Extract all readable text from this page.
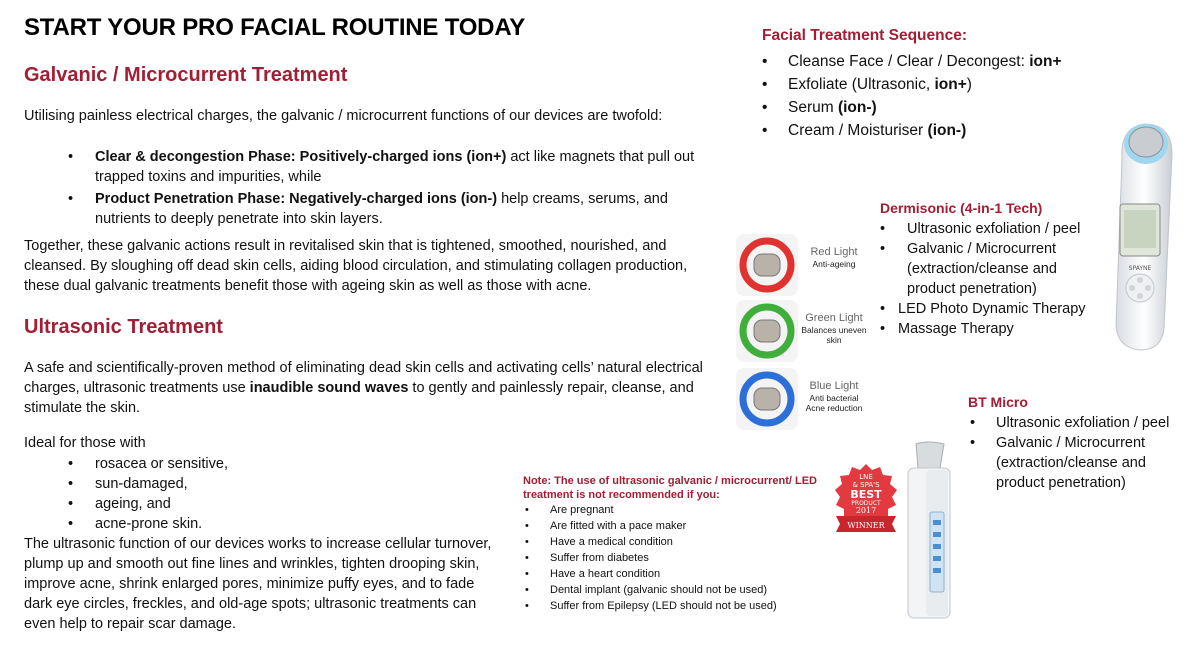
START YOUR PRO FACIAL ROUTINE TODAY
Galvanic / Microcurrent Treatment

Utilising painless electrical charges, the galvanic / microcurrent functions of our devices are twofold:

• Clear & decongestion Phase: Positively-charged ions (ion+) act like magnets that pull out trapped toxins and impurities, while
• Product Penetration Phase: Negatively-charged ions (ion-) help creams, serums, and nutrients to deeply penetrate into skin layers.

Together, these galvanic actions result in revitalised skin that is tightened, smoothed, nourished, and cleansed. By sloughing off dead skin cells, aiding blood circulation, and stimulating collagen production, these dual galvanic treatments benefit those with ageing skin as well as those with acne.

Ultrasonic Treatment

A safe and scientifically-proven method of eliminating dead skin cells and activating cells’ natural electrical charges, ultrasonic treatments use inaudible sound waves to gently and painlessly repair, cleanse, and stimulate the skin.

Ideal for those with

• rosacea or sensitive,
• sun-damaged,
• ageing, and
• acne-prone skin.

The ultrasonic function of our devices works to increase cellular turnover, plump up and smooth out fine lines and wrinkles, tighten drooping skin, improve acne, shrink enlarged pores, minimize puffy eyes, and to fade dark eye circles, freckles, and old-age spots; ultrasonic treatments can even help to repair scar damage.

Facial Treatment Sequence:
• Cleanse Face / Clear / Decongest: ion+
• Exfoliate (Ultrasonic, ion+)
• Serum (ion-)
• Cream / Moisturiser (ion-)
SPAYNE
Dermisonic (4-in-1 Tech)
• Ultrasonic exfoliation / peel
• Galvanic / Microcurrent
(extraction/cleanse and product penetration)
• LED Photo Dynamic Therapy
• Massage Therapy
Red Light
Anti-ageing
Green Light
Balances uneven skin
Blue Light
Anti bacterial Acne reduction	BT Micro
• Ultrasonic exfoliation / peel
• Galvanic / Microcurrent
(extraction/cleanse and product penetration)
LNE
& SPA'S
BEST
PRODUCT
2017
WINNER
Note: The use of ultrasonic galvanic / microcurrent/ LED treatment is not recommended if you:
• Are pregnant
• Are fitted with a pace maker
• Have a medical condition
• Suffer from diabetes
• Have a heart condition
• Dental implant (galvanic should not be used)
• Suffer from Epilepsy (LED should not be used)
